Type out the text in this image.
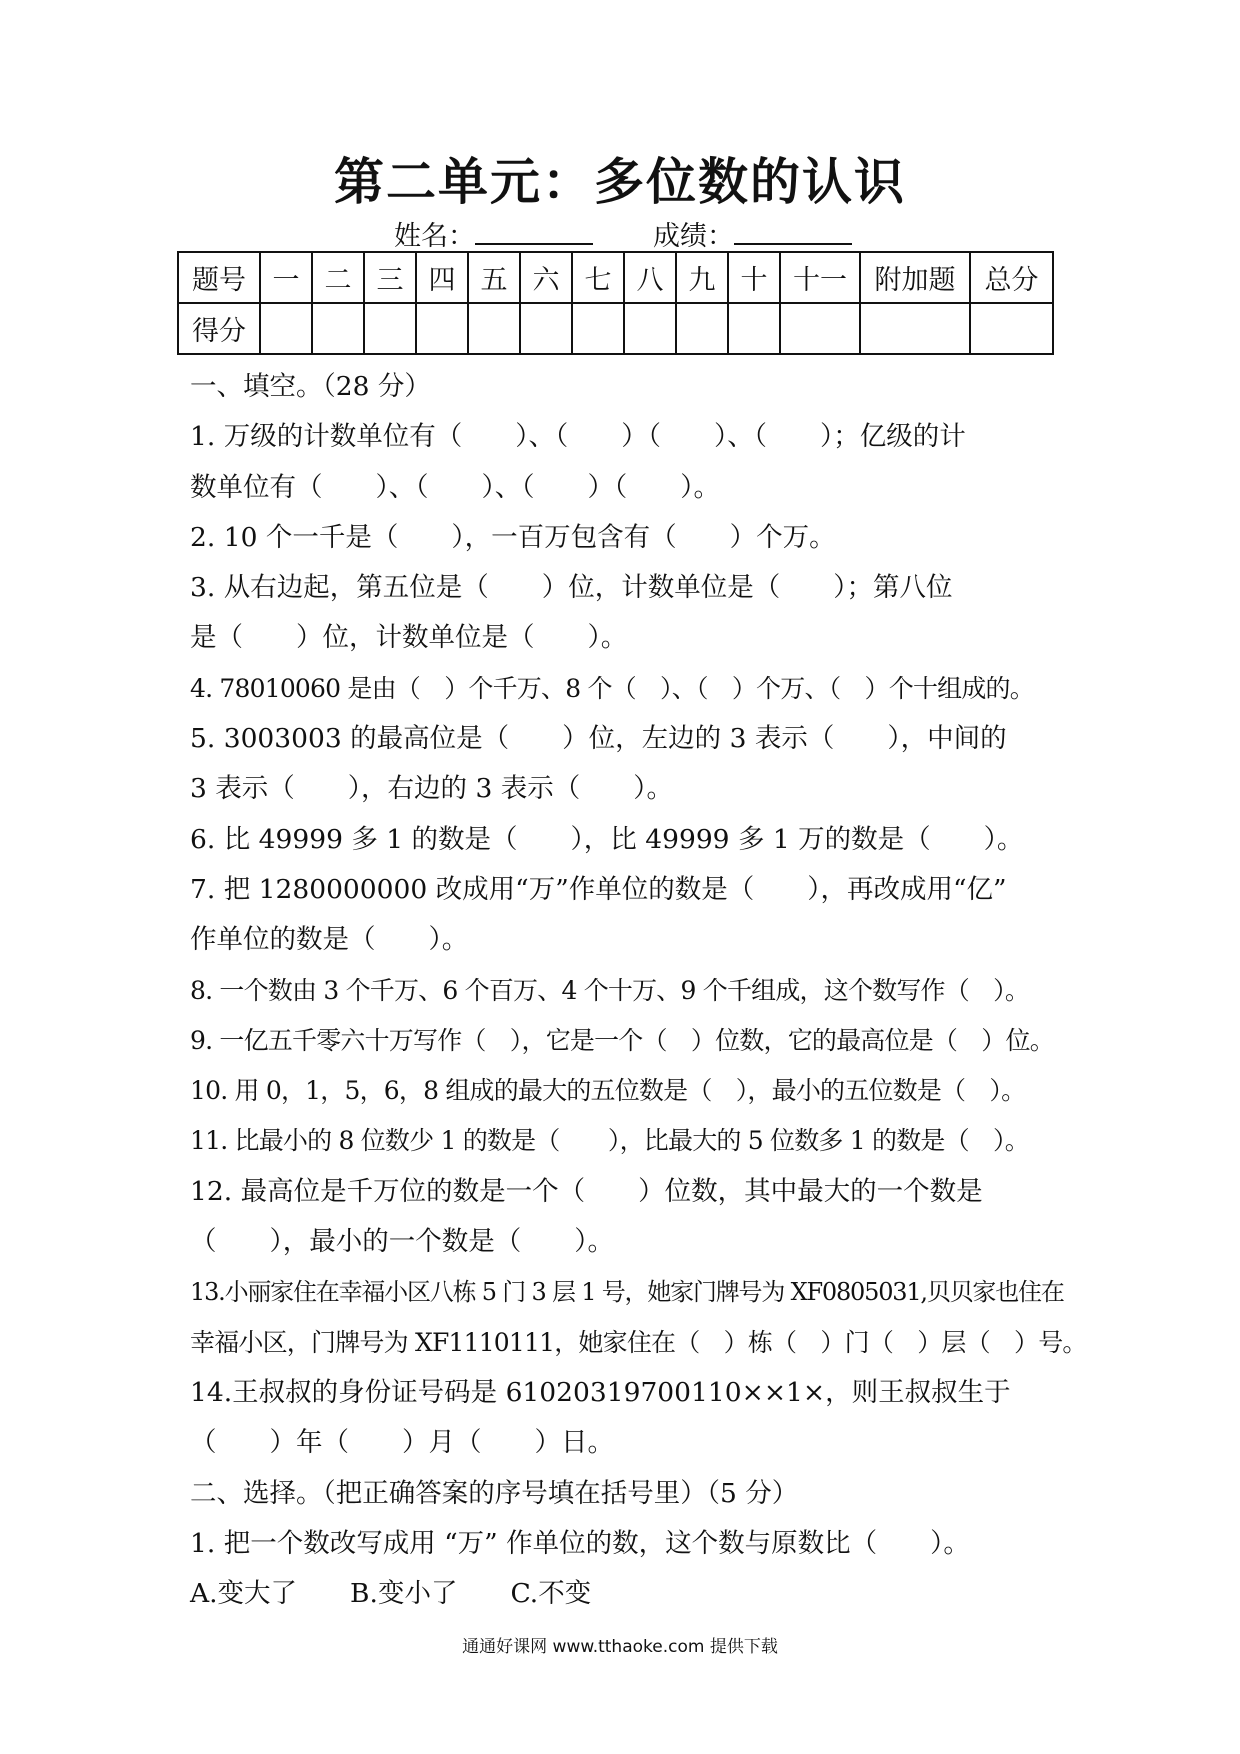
第二单元：多位数的认识
姓名：	成绩：
题号	一	二	三	四	五	六	七	八	九	十	十一	附加题	总分
得分													
一、填空。（28 分）
1. 万级的计数单位有（　　）、（　　）（　　）、（　　）；亿级的计
数单位有（　　）、（　　）、（　　）（　　）。
2. 10 个一千是（　　），一百万包含有（　　）个万。
3. 从右边起，第五位是（　　）位，计数单位是（　　）；第八位
是（　　）位，计数单位是（　　）。
4. 78010060 是由（　）个千万、8 个（　）、（　）个万、（　）个十组成的。
5. 3003003 的最高位是（　　）位，左边的 3 表示（　　），中间的
3 表示（　　），右边的 3 表示（　　）。
6. 比 49999 多 1 的数是（　　），比 49999 多 1 万的数是（　　）。
7. 把 1280000000 改成用“万”作单位的数是（　　），再改成用“亿”
作单位的数是（　　）。
8. 一个数由 3 个千万、6 个百万、4 个十万、9 个千组成，这个数写作（　）。
9. 一亿五千零六十万写作（　），它是一个（　）位数，它的最高位是（　）位。
10. 用 0，1，5，6，8 组成的最大的五位数是（　），最小的五位数是（　）。
11. 比最小的 8 位数少 1 的数是（　　），比最大的 5 位数多 1 的数是（　）。
12. 最高位是千万位的数是一个（　　）位数，其中最大的一个数是
（　　），最小的一个数是（　　）。
13.小丽家住在幸福小区八栋 5 门 3 层 1 号，她家门牌号为 XF0805031,贝贝家也住在
幸福小区，门牌号为 XF1110111，她家住在（　）栋（　）门（　）层（　）号。
14.王叔叔的身份证号码是 61020319700110××1×，则王叔叔生于
（　　）年（　　）月（　　）日。
二、选择。（把正确答案的序号填在括号里）（5 分）
1. 把一个数改写成用 “万” 作单位的数，这个数与原数比（　　）。
A.变大了　　B.变小了　　C.不变
通通好课网 www.tthaoke.com 提供下载
